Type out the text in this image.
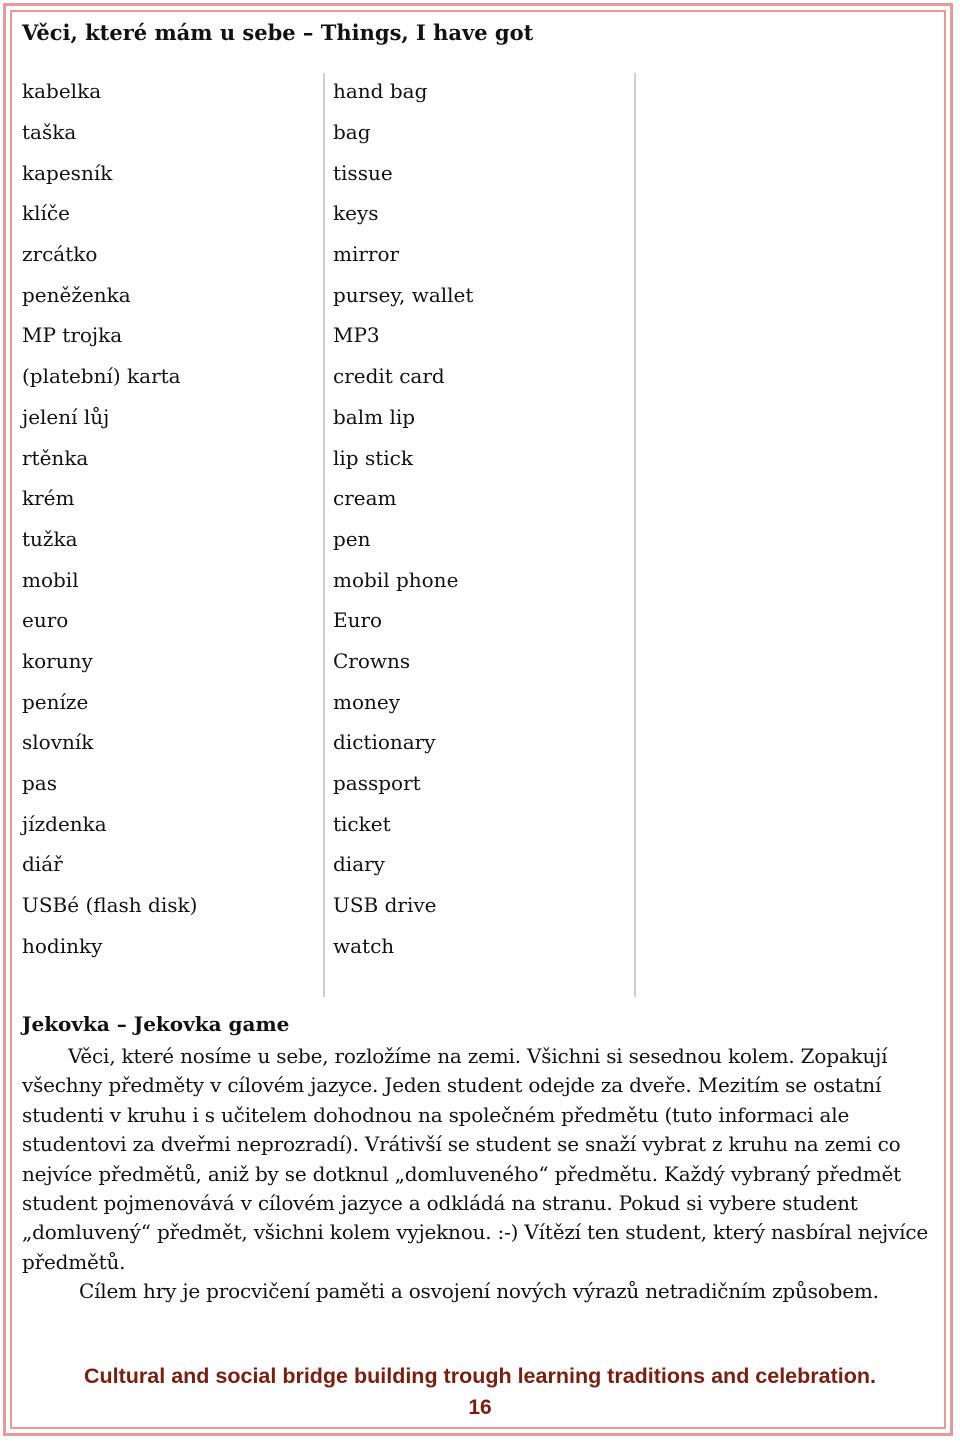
Věci, které mám u sebe – Things, I have got
kabelka	hand bag
taška	bag
kapesník	tissue
klíče	keys
zrcátko	mirror
peněženka	pursey, wallet
MP trojka	MP3
(platební) karta	credit card
jelení lůj	balm lip
rtěnka	lip stick
krém	cream
tužka	pen
mobil	mobil phone
euro	Euro
koruny	Crowns
peníze	money
slovník	dictionary
pas	passport
jízdenka	ticket
diář	diary
USBé (flash disk)	USB drive
hodinky	watch
Jekovka – Jekovka game

Věci, které nosíme u sebe, rozložíme na zemi. Všichni si sesednou kolem. Zopakují všechny předměty v cílovém jazyce. Jeden student odejde za dveře. Mezitím se ostatní studenti v kruhu i s učitelem dohodnou na společném předmětu (tuto informaci ale studentovi za dveřmi neprozradí). Vrátivší se student se snaží vybrat z kruhu na zemi co nejvíce předmětů, aniž by se dotknul „domluveného“ předmětu. Každý vybraný předmět student pojmenovává v cílovém jazyce a odkládá na stranu. Pokud si vybere student „domluvený“ předmět, všichni kolem vyjeknou. :-) Vítězí ten student, který nasbíral nejvíce předmětů.

Cílem hry je procvičení paměti a osvojení nových výrazů netradičním způsobem.

Cultural and social bridge building trough learning traditions and celebration.
16
